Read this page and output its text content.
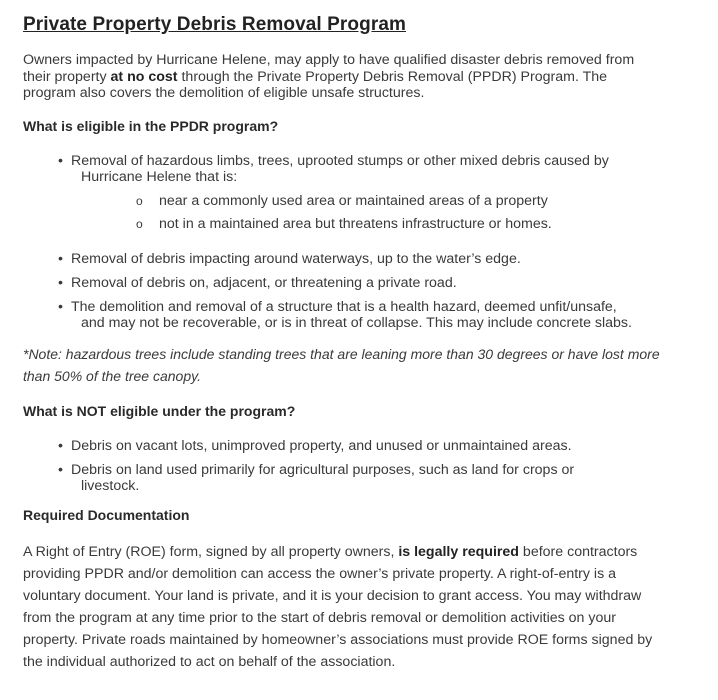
Private Property Debris Removal Program
Owners impacted by Hurricane Helene, may apply to have qualified disaster debris removed from their property at no cost through the Private Property Debris Removal (PPDR) Program. The program also covers the demolition of eligible unsafe structures.
What is eligible in the PPDR program?
• Removal of hazardous limbs, trees, uprooted stumps or other mixed debris caused by
Hurricane Helene that is:
o near a commonly used area or maintained areas of a property
o not in a maintained area but threatens infrastructure or homes.
• Removal of debris impacting around waterways, up to the water’s edge.
• Removal of debris on, adjacent, or threatening a private road.
• The demolition and removal of a structure that is a health hazard, deemed unfit/unsafe,
and may not be recoverable, or is in threat of collapse. This may include concrete slabs.
*Note: hazardous trees include standing trees that are leaning more than 30 degrees or have lost more than 50% of the tree canopy.
What is NOT eligible under the program?
• Debris on vacant lots, unimproved property, and unused or unmaintained areas.
• Debris on land used primarily for agricultural purposes, such as land for crops or
livestock.
Required Documentation
A Right of Entry (ROE) form, signed by all property owners, is legally required before contractors providing PPDR and/or demolition can access the owner’s private property. A right-of-entry is a voluntary document. Your land is private, and it is your decision to grant access. You may withdraw from the program at any time prior to the start of debris removal or demolition activities on your property. Private roads maintained by homeowner’s associations must provide ROE forms signed by the individual authorized to act on behalf of the association.
